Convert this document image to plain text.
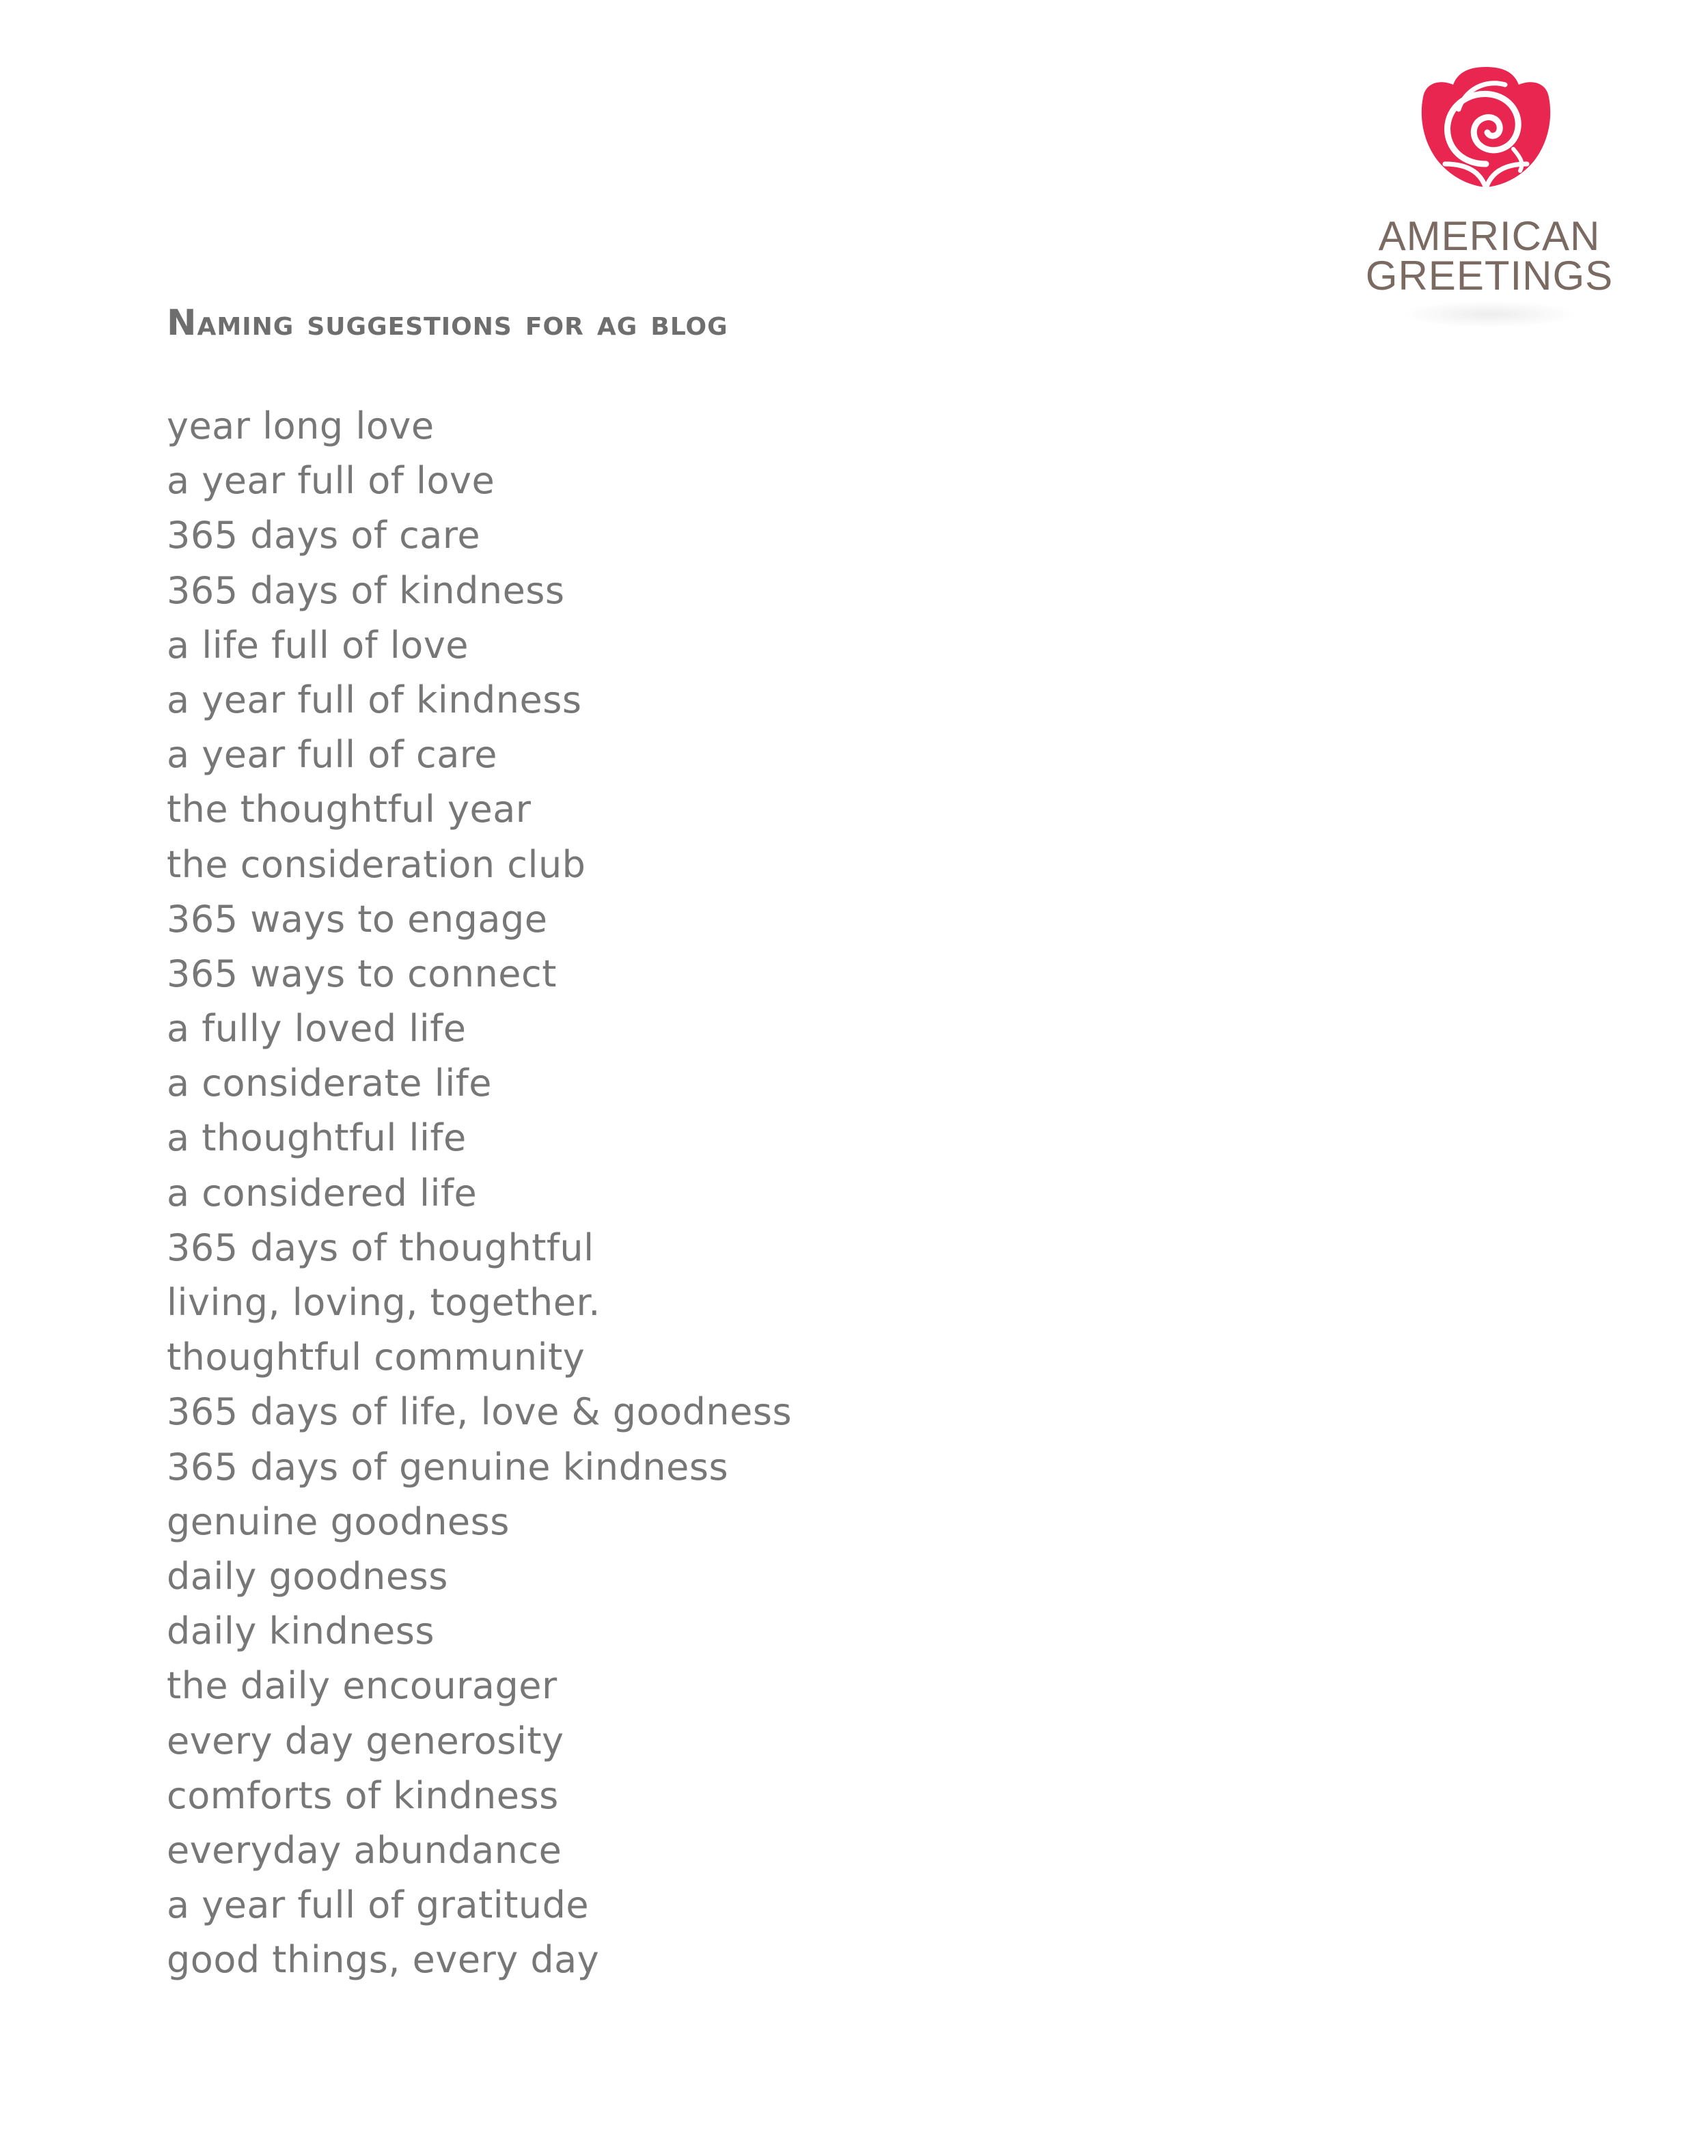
AMERICAN
GREETINGS
Naming suggestions for ag blog
year long love
a year full of love
365 days of care
365 days of kindness
a life full of love
a year full of kindness
a year full of care
the thoughtful year
the consideration club
365 ways to engage
365 ways to connect
a fully loved life
a considerate life
a thoughtful life
a considered life
365 days of thoughtful
living, loving, together.
thoughtful community
365 days of life, love & goodness
365 days of genuine kindness
genuine goodness
daily goodness
daily kindness
the daily encourager
every day generosity
comforts of kindness
everyday abundance
a year full of gratitude
good things, every day
